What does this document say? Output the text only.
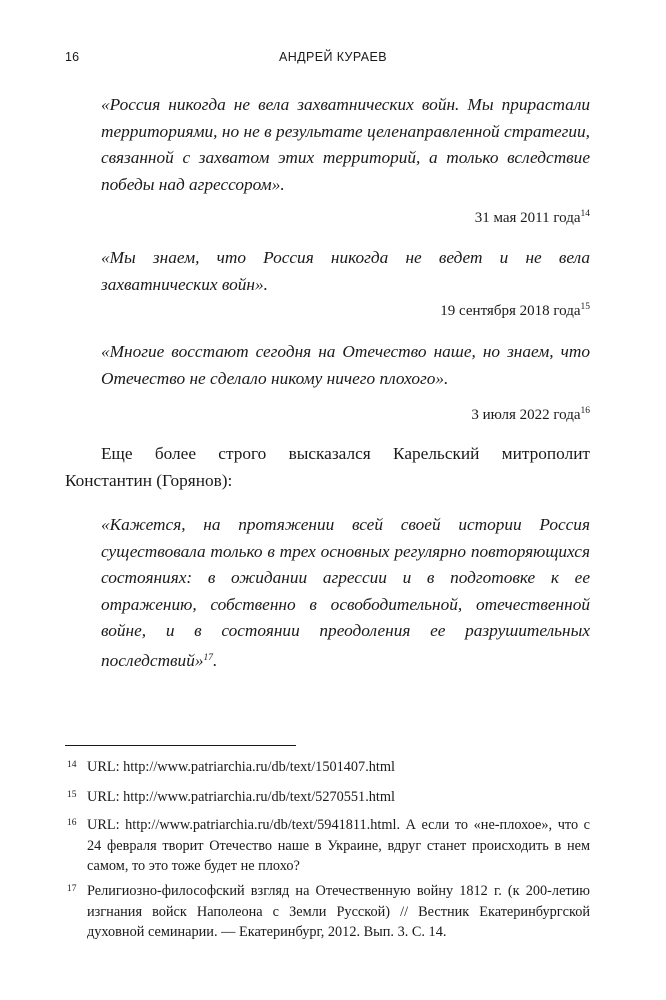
16	АНДРЕЙ КУРАЕВ

«Россия никогда не вела захватнических войн. Мы прирастали территориями, но не в результате целенаправленной стратегии, связанной с захватом этих территорий, а только вследствие победы над агрессором».

31 мая 2011 года$^{14}$

«Мы знаем, что Россия никогда не ведет и не вела захватнических войн».

19 сентября 2018 года$^{15}$

«Многие восстают сегодня на Отечество наше, но знаем, что Отечество не сделало никому ничего плохого».

3 июля 2022 года$^{16}$

Еще более строго высказался Карельский митрополит Константин (Горянов):

«Кажется, на протяжении всей своей истории Россия существовала только в трех основных регулярно повторяющихся состояниях: в ожидании агрессии и в подготовке к ее отражению, собственно в освободительной, отечественной войне, и в состоянии преодоления ее разрушительных последствий»$^{17}$.

14 URL: http://www.patriarchia.ru/db/text/1501407.html

15 URL: http://www.patriarchia.ru/db/text/5270551.html

16 URL: http://www.patriarchia.ru/db/text/5941811.html. А если то «не-плохое», что с 24 февраля творит Отечество наше в Украине, вдруг станет происходить в нем самом, то это тоже будет не плохо?

17 Религиозно-философский взгляд на Отечественную войну 1812 г. (к 200-летию изгнания войск Наполеона с Земли Русской) // Вестник Екатеринбургской духовной семинарии. — Екатеринбург, 2012. Вып. 3. С. 14.
